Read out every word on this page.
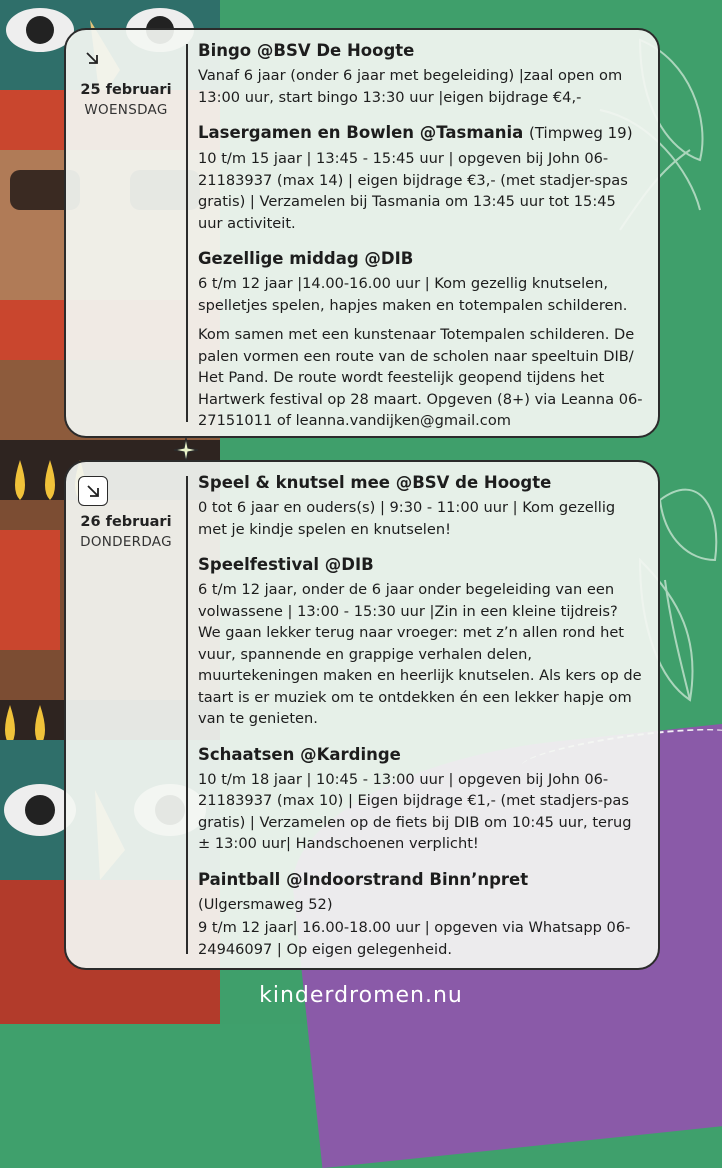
25 februari
WOENSDAG
Bingo @BSV De Hoogte

Vanaf 6 jaar (onder 6 jaar met begeleiding) |zaal open om 13:00 uur, start bingo 13:30 uur |eigen bijdrage €4,-

Lasergamen en Bowlen @Tasmania (Timpweg 19)

10 t/m 15 jaar | 13:45 - 15:45 uur | opgeven bij John 06-21183937 (max 14) | eigen bijdrage €3,- (met stadjer-spas gratis) | Verzamelen bij Tasmania om 13:45 uur tot 15:45 uur activiteit.

Gezellige middag @DIB

6 t/m 12 jaar |14.00-16.00 uur | Kom gezellig knutselen, spelletjes spelen, hapjes maken en totempalen schilderen.

Kom samen met een kunstenaar Totempalen schilderen. De palen vormen een route van de scholen naar speeltuin DIB/ Het Pand. De route wordt feestelijk geopend tijdens het Hartwerk festival op 28 maart. Opgeven (8+) via Leanna 06-27151011 of leanna.vandijken@gmail.com

26 februari
DONDERDAG
Speel & knutsel mee @BSV de Hoogte

0 tot 6 jaar en ouders(s) | 9:30 - 11:00 uur | Kom gezellig met je kindje spelen en knutselen!

Speelfestival @DIB

6 t/m 12 jaar, onder de 6 jaar onder begeleiding van een volwassene | 13:00 - 15:30 uur |Zin in een kleine tijdreis? We gaan lekker terug naar vroeger: met z’n allen rond het vuur, spannende en grappige verhalen delen, muurtekeningen maken en heerlijk knutselen. Als kers op de taart is er muziek om te ontdekken én een lekker hapje om van te genieten.

Schaatsen @Kardinge

10 t/m 18 jaar | 10:45 - 13:00 uur | opgeven bij John 06-21183937 (max 10) | Eigen bijdrage €1,- (met stadjers-pas gratis) | Verzamelen op de fiets bij DIB om 10:45 uur, terug ± 13:00 uur| Handschoenen verplicht!

Paintball @Indoorstrand Binn’npret

(Ulgersmaweg 52)

9 t/m 12 jaar| 16.00-18.00 uur | opgeven via Whatsapp 06-24946097 | Op eigen gelegenheid.

kinderdromen.nu
